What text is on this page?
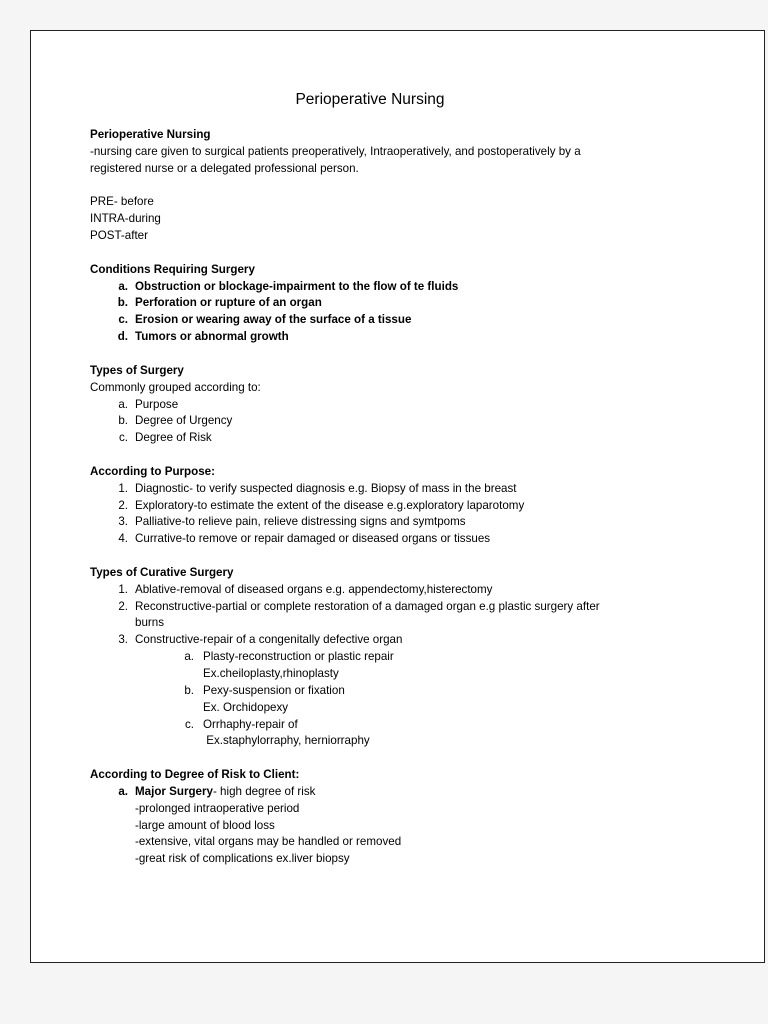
Perioperative Nursing
Perioperative Nursing
-nursing care given to surgical patients preoperatively, Intraoperatively, and postoperatively by a
registered nurse or a delegated professional person.
PRE- before
INTRA-during
POST-after
Conditions Requiring Surgery
a. Obstruction or blockage-impairment to the flow of te fluids
b. Perforation or rupture of an organ
c. Erosion or wearing away of the surface of a tissue
d. Tumors or abnormal growth
Types of Surgery
Commonly grouped according to:
a. Purpose
b. Degree of Urgency
c. Degree of Risk
According to Purpose:
1. Diagnostic- to verify suspected diagnosis e.g. Biopsy of mass in the breast
2. Exploratory-to estimate the extent of the disease e.g.exploratory laparotomy
3. Palliative-to relieve pain, relieve distressing signs and symtpoms
4. Currative-to remove or repair damaged or diseased organs or tissues
Types of Curative Surgery
1. Ablative-removal of diseased organs e.g. appendectomy,histerectomy
2. Reconstructive-partial or complete restoration of a damaged organ e.g plastic surgery after
burns
3. Constructive-repair of a congenitally defective organ
a. Plasty-reconstruction or plastic repair
Ex.cheiloplasty,rhinoplasty
b. Pexy-suspension or fixation
Ex. Orchidopexy
c. Orrhaphy-repair of
Ex.staphylorraphy, herniorraphy
According to Degree of Risk to Client:
a. Major Surgery- high degree of risk
-prolonged intraoperative period
-large amount of blood loss
-extensive, vital organs may be handled or removed
-great risk of complications ex.liver biopsy
